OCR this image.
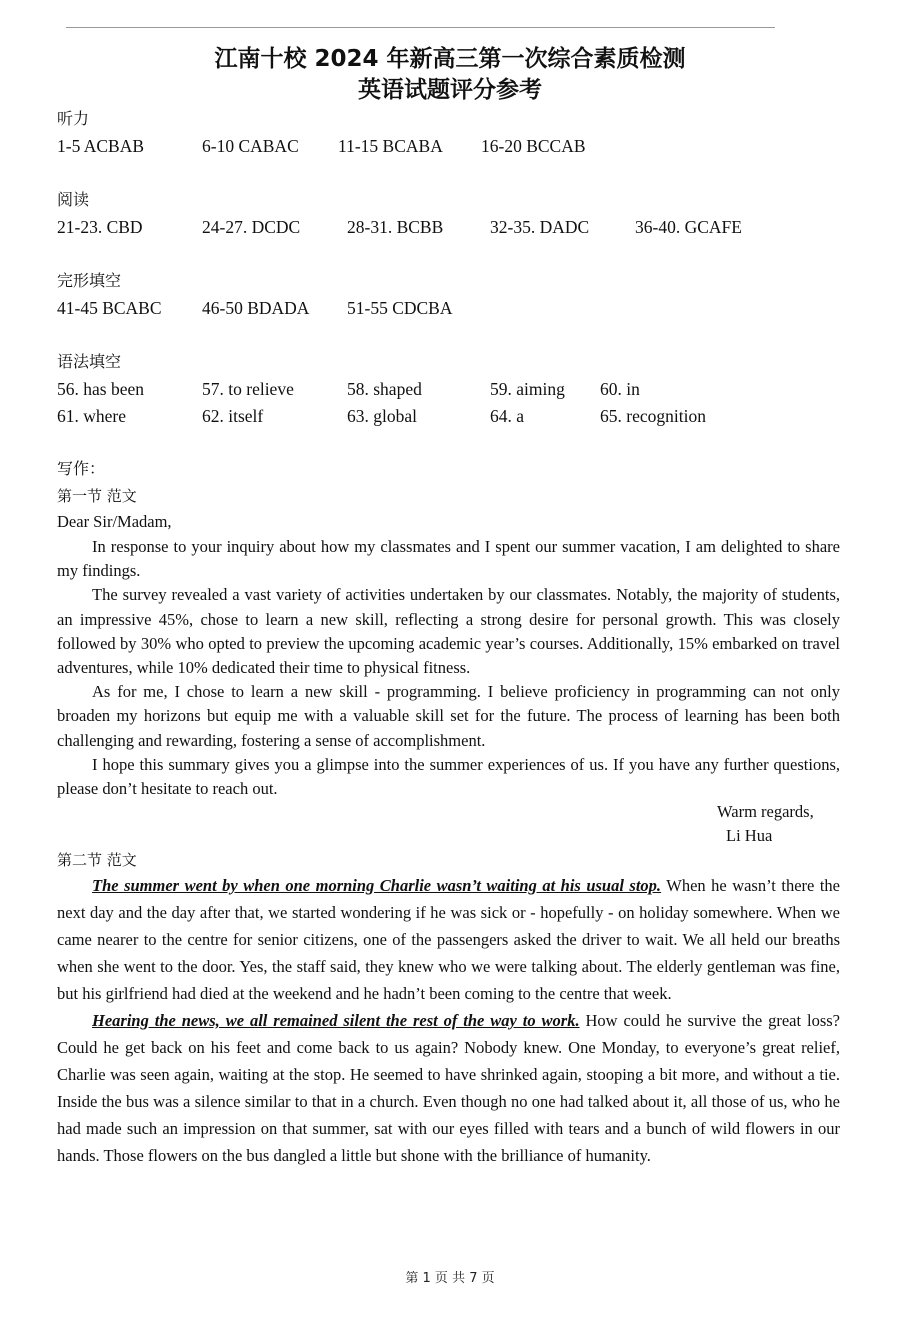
江南十校 2024 年新高三第一次综合素质检测
英语试题评分参考
听力
1-5 ACBAB	6-10 CABAC 11-15 BCABA 16-20 BCCAB
阅读
21-23. CBD	24-27. DCDC	28-31. BCBB	32-35. DADC	36-40. GCAFE
完形填空
41-45 BCABC 46-50 BDADA 51-55 CDCBA
语法填空
56. has been	57. to relieve	58. shaped	59. aiming 60. in
61. where	62. itself	63. global	64. a	65. recognition
写作：
第一节 范文
Dear Sir/Madam,

In response to your inquiry about how my classmates and I spent our summer vacation, I am delighted to share my findings.

The survey revealed a vast variety of activities undertaken by our classmates. Notably, the majority of students, an impressive 45%, chose to learn a new skill, reflecting a strong desire for personal growth. This was closely followed by 30% who opted to preview the upcoming academic year’s courses. Additionally, 15% embarked on travel adventures, while 10% dedicated their time to physical fitness.

As for me, I chose to learn a new skill - programming. I believe proficiency in programming can not only broaden my horizons but equip me with a valuable skill set for the future. The process of learning has been both challenging and rewarding, fostering a sense of accomplishment.

I hope this summary gives you a glimpse into the summer experiences of us. If you have any further questions, please don’t hesitate to reach out.

Warm regards,
Li Hua
第二节 范文

The summer went by when one morning Charlie wasn’t waiting at his usual stop. When he wasn’t there the next day and the day after that, we started wondering if he was sick or - hopefully - on holiday somewhere. When we came nearer to the centre for senior citizens, one of the passengers asked the driver to wait. We all held our breaths when she went to the door. Yes, the staff said, they knew who we were talking about. The elderly gentleman was fine, but his girlfriend had died at the weekend and he hadn’t been coming to the centre that week.

Hearing the news, we all remained silent the rest of the way to work. How could he survive the great loss? Could he get back on his feet and come back to us again? Nobody knew. One Monday, to everyone’s great relief, Charlie was seen again, waiting at the stop. He seemed to have shrinked again, stooping a bit more, and without a tie. Inside the bus was a silence similar to that in a church. Even though no one had talked about it, all those of us, who he had made such an impression on that summer, sat with our eyes filled with tears and a bunch of wild flowers in our hands. Those flowers on the bus dangled a little but shone with the brilliance of humanity.

第 1 页 共 7 页
